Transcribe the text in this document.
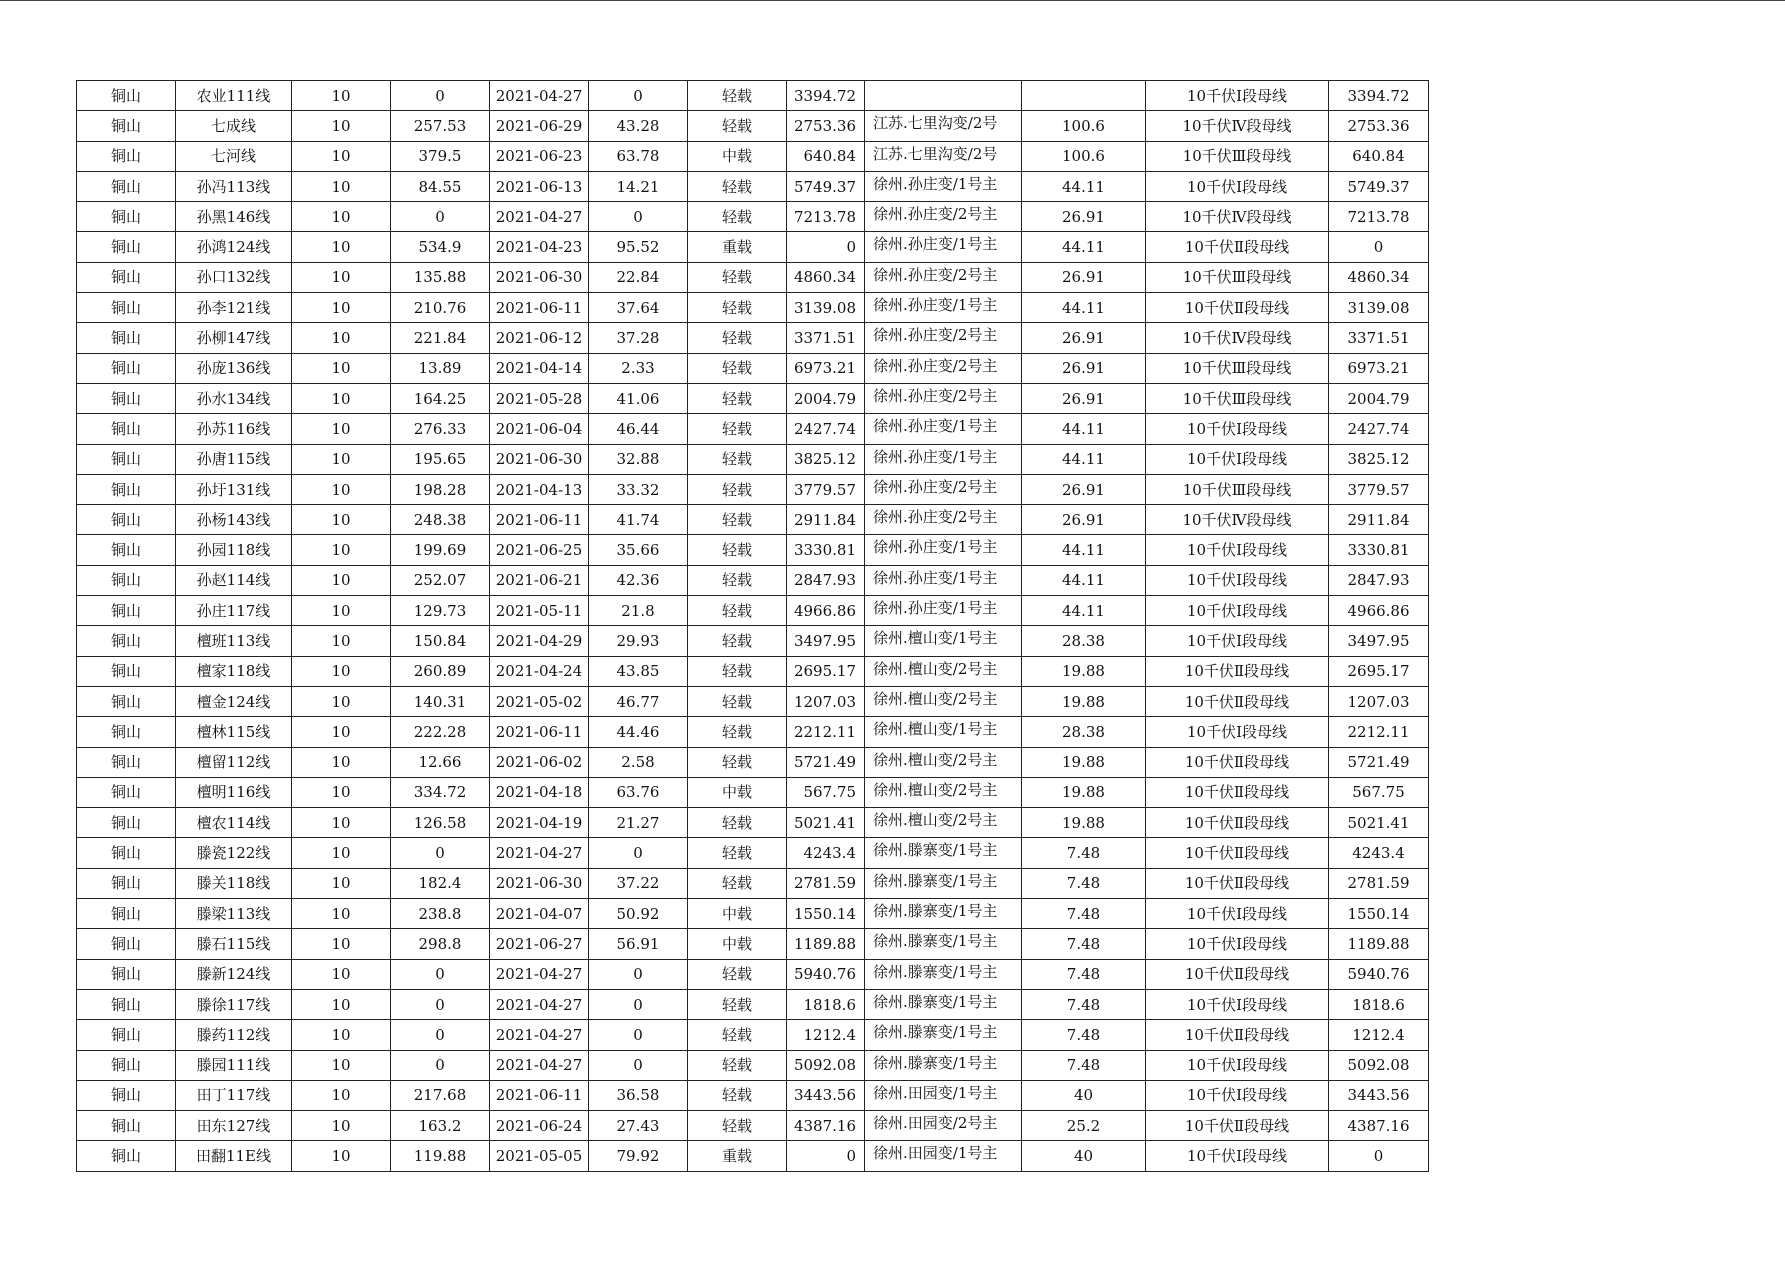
铜山	农业111线	10	0	2021-04-27	0	轻载	3394.72			10千伏Ⅰ段母线	3394.72
铜山	七成线	10	257.53	2021-06-29	43.28	轻载	2753.36	江苏.七里沟变/2号	100.6	10千伏Ⅳ段母线	2753.36
铜山	七河线	10	379.5	2021-06-23	63.78	中载	640.84	江苏.七里沟变/2号	100.6	10千伏Ⅲ段母线	640.84
铜山	孙冯113线	10	84.55	2021-06-13	14.21	轻载	5749.37	徐州.孙庄变/1号主	44.11	10千伏Ⅰ段母线	5749.37
铜山	孙黑146线	10	0	2021-04-27	0	轻载	7213.78	徐州.孙庄变/2号主	26.91	10千伏Ⅳ段母线	7213.78
铜山	孙鸿124线	10	534.9	2021-04-23	95.52	重载	0	徐州.孙庄变/1号主	44.11	10千伏Ⅱ段母线	0
铜山	孙口132线	10	135.88	2021-06-30	22.84	轻载	4860.34	徐州.孙庄变/2号主	26.91	10千伏Ⅲ段母线	4860.34
铜山	孙李121线	10	210.76	2021-06-11	37.64	轻载	3139.08	徐州.孙庄变/1号主	44.11	10千伏Ⅱ段母线	3139.08
铜山	孙柳147线	10	221.84	2021-06-12	37.28	轻载	3371.51	徐州.孙庄变/2号主	26.91	10千伏Ⅳ段母线	3371.51
铜山	孙庞136线	10	13.89	2021-04-14	2.33	轻载	6973.21	徐州.孙庄变/2号主	26.91	10千伏Ⅲ段母线	6973.21
铜山	孙水134线	10	164.25	2021-05-28	41.06	轻载	2004.79	徐州.孙庄变/2号主	26.91	10千伏Ⅲ段母线	2004.79
铜山	孙苏116线	10	276.33	2021-06-04	46.44	轻载	2427.74	徐州.孙庄变/1号主	44.11	10千伏Ⅰ段母线	2427.74
铜山	孙唐115线	10	195.65	2021-06-30	32.88	轻载	3825.12	徐州.孙庄变/1号主	44.11	10千伏Ⅰ段母线	3825.12
铜山	孙圩131线	10	198.28	2021-04-13	33.32	轻载	3779.57	徐州.孙庄变/2号主	26.91	10千伏Ⅲ段母线	3779.57
铜山	孙杨143线	10	248.38	2021-06-11	41.74	轻载	2911.84	徐州.孙庄变/2号主	26.91	10千伏Ⅳ段母线	2911.84
铜山	孙园118线	10	199.69	2021-06-25	35.66	轻载	3330.81	徐州.孙庄变/1号主	44.11	10千伏Ⅰ段母线	3330.81
铜山	孙赵114线	10	252.07	2021-06-21	42.36	轻载	2847.93	徐州.孙庄变/1号主	44.11	10千伏Ⅰ段母线	2847.93
铜山	孙庄117线	10	129.73	2021-05-11	21.8	轻载	4966.86	徐州.孙庄变/1号主	44.11	10千伏Ⅰ段母线	4966.86
铜山	檀班113线	10	150.84	2021-04-29	29.93	轻载	3497.95	徐州.檀山变/1号主	28.38	10千伏Ⅰ段母线	3497.95
铜山	檀家118线	10	260.89	2021-04-24	43.85	轻载	2695.17	徐州.檀山变/2号主	19.88	10千伏Ⅱ段母线	2695.17
铜山	檀金124线	10	140.31	2021-05-02	46.77	轻载	1207.03	徐州.檀山变/2号主	19.88	10千伏Ⅱ段母线	1207.03
铜山	檀林115线	10	222.28	2021-06-11	44.46	轻载	2212.11	徐州.檀山变/1号主	28.38	10千伏Ⅰ段母线	2212.11
铜山	檀留112线	10	12.66	2021-06-02	2.58	轻载	5721.49	徐州.檀山变/2号主	19.88	10千伏Ⅱ段母线	5721.49
铜山	檀明116线	10	334.72	2021-04-18	63.76	中载	567.75	徐州.檀山变/2号主	19.88	10千伏Ⅱ段母线	567.75
铜山	檀农114线	10	126.58	2021-04-19	21.27	轻载	5021.41	徐州.檀山变/2号主	19.88	10千伏Ⅱ段母线	5021.41
铜山	滕瓷122线	10	0	2021-04-27	0	轻载	4243.4	徐州.滕寨变/1号主	7.48	10千伏Ⅱ段母线	4243.4
铜山	滕关118线	10	182.4	2021-06-30	37.22	轻载	2781.59	徐州.滕寨变/1号主	7.48	10千伏Ⅱ段母线	2781.59
铜山	滕梁113线	10	238.8	2021-04-07	50.92	中载	1550.14	徐州.滕寨变/1号主	7.48	10千伏Ⅰ段母线	1550.14
铜山	滕石115线	10	298.8	2021-06-27	56.91	中载	1189.88	徐州.滕寨变/1号主	7.48	10千伏Ⅰ段母线	1189.88
铜山	滕新124线	10	0	2021-04-27	0	轻载	5940.76	徐州.滕寨变/1号主	7.48	10千伏Ⅱ段母线	5940.76
铜山	滕徐117线	10	0	2021-04-27	0	轻载	1818.6	徐州.滕寨变/1号主	7.48	10千伏Ⅰ段母线	1818.6
铜山	滕药112线	10	0	2021-04-27	0	轻载	1212.4	徐州.滕寨变/1号主	7.48	10千伏Ⅱ段母线	1212.4
铜山	滕园111线	10	0	2021-04-27	0	轻载	5092.08	徐州.滕寨变/1号主	7.48	10千伏Ⅰ段母线	5092.08
铜山	田丁117线	10	217.68	2021-06-11	36.58	轻载	3443.56	徐州.田园变/1号主	40	10千伏Ⅰ段母线	3443.56
铜山	田东127线	10	163.2	2021-06-24	27.43	轻载	4387.16	徐州.田园变/2号主	25.2	10千伏Ⅱ段母线	4387.16
铜山	田翻11E线	10	119.88	2021-05-05	79.92	重载	0	徐州.田园变/1号主	40	10千伏Ⅰ段母线	0
